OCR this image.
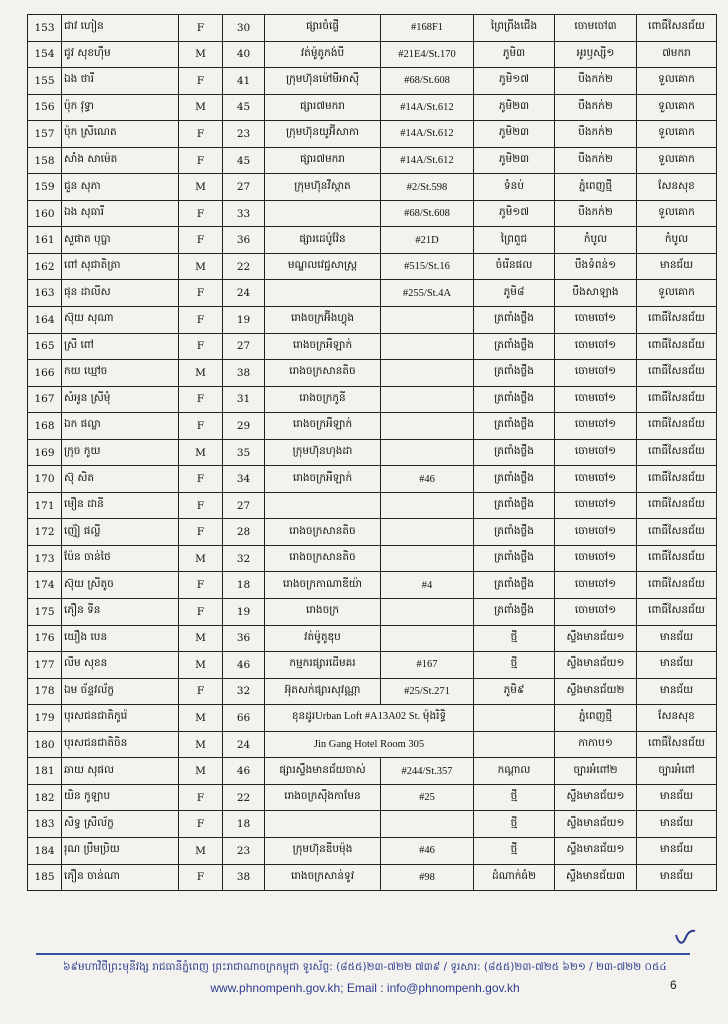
153	ជាវ ហៀន	F	30	ផ្សារចំផ្ទើ	#168F1	ព្រៃព្រីងជើង	ចោមចៅ៣	ពោធិ៍សែនជ័យ
154	ជូវ សុខហ៊ឹម	M	40	វត់ម៉ូតូកង់បី	#21E4/St.170	ភូមិ៣	អូរឫស្សី១	៧មករា
155	ឯង ថារី	F	41	ក្រុមហ៊ុនម៉ៅមីអាស៊ី	#68/St.608	ភូមិ១៧	បឹងកក់២	ទួលគោក
156	ប៉ុក វុទ្ធា	M	45	ផ្សារ៧មករា	#14A/St.612	ភូមិ២៣	បឹងកក់២	ទួលគោក
157	ប៉ុក ស្រីណេត	F	23	ក្រុមហ៊ុនយូអ៊ីសាកា	#14A/St.612	ភូមិ២៣	បឹងកក់២	ទួលគោក
158	សាំង សាម៉េត	F	45	ផ្សារ៧មករា	#14A/St.612	ភូមិ២៣	បឹងកក់២	ទួលគោក
159	ជួន សុភា	M	27	ក្រុមហ៊ុនវីស្កាត	#2/St.598	ទំនប់	ភ្នំពេញថ្មី	សែនសុខ
160	ឯង សុធារី	F	33		#68/St.608	ភូមិ១៧	បឹងកក់២	ទួលគោក
161	សួផាត បុប្ផា	F	36	ផ្សារដេប៉ូវ៉ែន	#21D	ព្រៃពួជ	កំបូល	កំបូល
162	ពៅ សុជាតិត្រា	M	22	មណ្ឌលវេជ្ជសាស្ត្រ	#515/St.16	ចំរើនផល	បឹងទំពន់១	មានជ័យ
163	ផុន ដាលីស	F	24		#255/St.4A	ភូមិ៨	បឹងសាឡាង	ទួលគោក
164	ស៊ុយ សុណា	F	19	រោងចក្រអ៊ីងហ្វុង		ត្រពាំងថ្លឹង	ចោមចៅ១	ពោធិ៍សែនជ័យ
165	ស្រី ពៅ	F	27	រោងចក្រអឺឡាក់		ត្រពាំងថ្លឹង	ចោមចៅ១	ពោធិ៍សែនជ័យ
166	កយ ឃ្មៅច	M	38	រោងចក្រសានតិច		ត្រពាំងថ្លឹង	ចោមចៅ១	ពោធិ៍សែនជ័យ
167	សំអូន ស្រីមុំ	F	31	រោងចក្រកូនី		ត្រពាំងថ្លឹង	ចោមចៅ១	ពោធិ៍សែនជ័យ
168	ឯក ផល្លា	F	29	រោងចក្រអឺឡាក់		ត្រពាំងថ្លឹង	ចោមចៅ១	ពោធិ៍សែនជ័យ
169	ក្រុច កូយ	M	35	ក្រុមហ៊ុនហុងដា		ត្រពាំងថ្លឹង	ចោមចៅ១	ពោធិ៍សែនជ័យ
170	ស៊ុ សិត	F	34	រោងចក្រអឺឡាក់	#46	ត្រពាំងថ្លឹង	ចោមចៅ១	ពោធិ៍សែនជ័យ
171	មឿន ដានី	F	27			ត្រពាំងថ្លឹង	ចោមចៅ១	ពោធិ៍សែនជ័យ
172	ញ៉ៀ ផល្លី	F	28	រោងចក្រសានតិច		ត្រពាំងថ្លឹង	ចោមចៅ១	ពោធិ៍សែនជ័យ
173	ប៉ែន ចាន់ថៃ	M	32	រោងចក្រសានតិច		ត្រពាំងថ្លឹង	ចោមចៅ១	ពោធិ៍សែនជ័យ
174	ស៊ុយ ស្រីតូច	F	18	រោងចក្រកាណាឌីយ៉ា	#4	ត្រពាំងថ្លឹង	ចោមចៅ១	ពោធិ៍សែនជ័យ
175	ភឿន ទីន	F	19	រោងចក្រ		ត្រពាំងថ្លឹង	ចោមចៅ១	ពោធិ៍សែនជ័យ
176	យឿង បេន	M	36	វត់ម៉ូតូឌុប		ថ្មី	ស្ទឹងមានជ័យ១	មានជ័យ
177	លឹម សុខន	M	46	កម្មករផ្សារដើមគរ	#167	ថ្មី	ស្ទឹងមានជ័យ១	មានជ័យ
178	ឯម ច័ន្ទវល័ក្ខ	F	32	អ៊ុតសក់ផ្សារសុវណ្ណា	#25/St.271	ភូមិ៩	ស្ទឹងមានជ័យ២	មានជ័យ
179	បុរសជនជាតិកូរ៉េ	M	66	ខុនដូរUrban Loft #A13A02 St. ម៉ុងរិទ្ធិ			ភ្នំពេញថ្មី	សែនសុខ
180	បុរសជនជាតិចិន	M	24	Jin Gang Hotel Room 305			កាកាប១	ពោធិ៍សែនជ័យ
181	ឆាយ សុផល	M	46	ផ្សារស្ទឹងមានជ័យចាស់	#244/St.357	កណ្ដាល	ច្បារអំពៅ២	ច្បារអំពៅ
182	យិន កូឡាប	F	22	រោងចក្រស៊ីងកាមែន	#25	ថ្មី	ស្ទឹងមានជ័យ១	មានជ័យ
183	សិទ្ធ ស្រីល័ក្ខ	F	18			ថ្មី	ស្ទឹងមានជ័យ១	មានជ័យ
184	រុណ ប្រឹមប្រិយ	M	23	ក្រុមហ៊ុនឌីបម៉ុង	#46	ថ្មី	ស្ទឹងមានជ័យ១	មានជ័យ
185	ភឿន ចាន់ណា	F	38	រោងចក្រសាន់ទូវ	#98	ដំណាក់ធំ២	ស្ទឹងមានជ័យ៣	មានជ័យ
៦៩មហាវិថីព្រះមុនីវង្ស រាជធានីភ្នំពេញ ព្រះរាជាណាចក្រកម្ពុជា ទូរស័ព្ទ: (៨៥៥)២៣-៧២២ ៧៣៩ / ទូរសារ: (៨៥៥)២៣-៧២៥ ៦២១ / ២៣-៧២២ ០៥៤
www.phnompenh.gov.kh; Email : info@phnompenh.gov.kh	6
